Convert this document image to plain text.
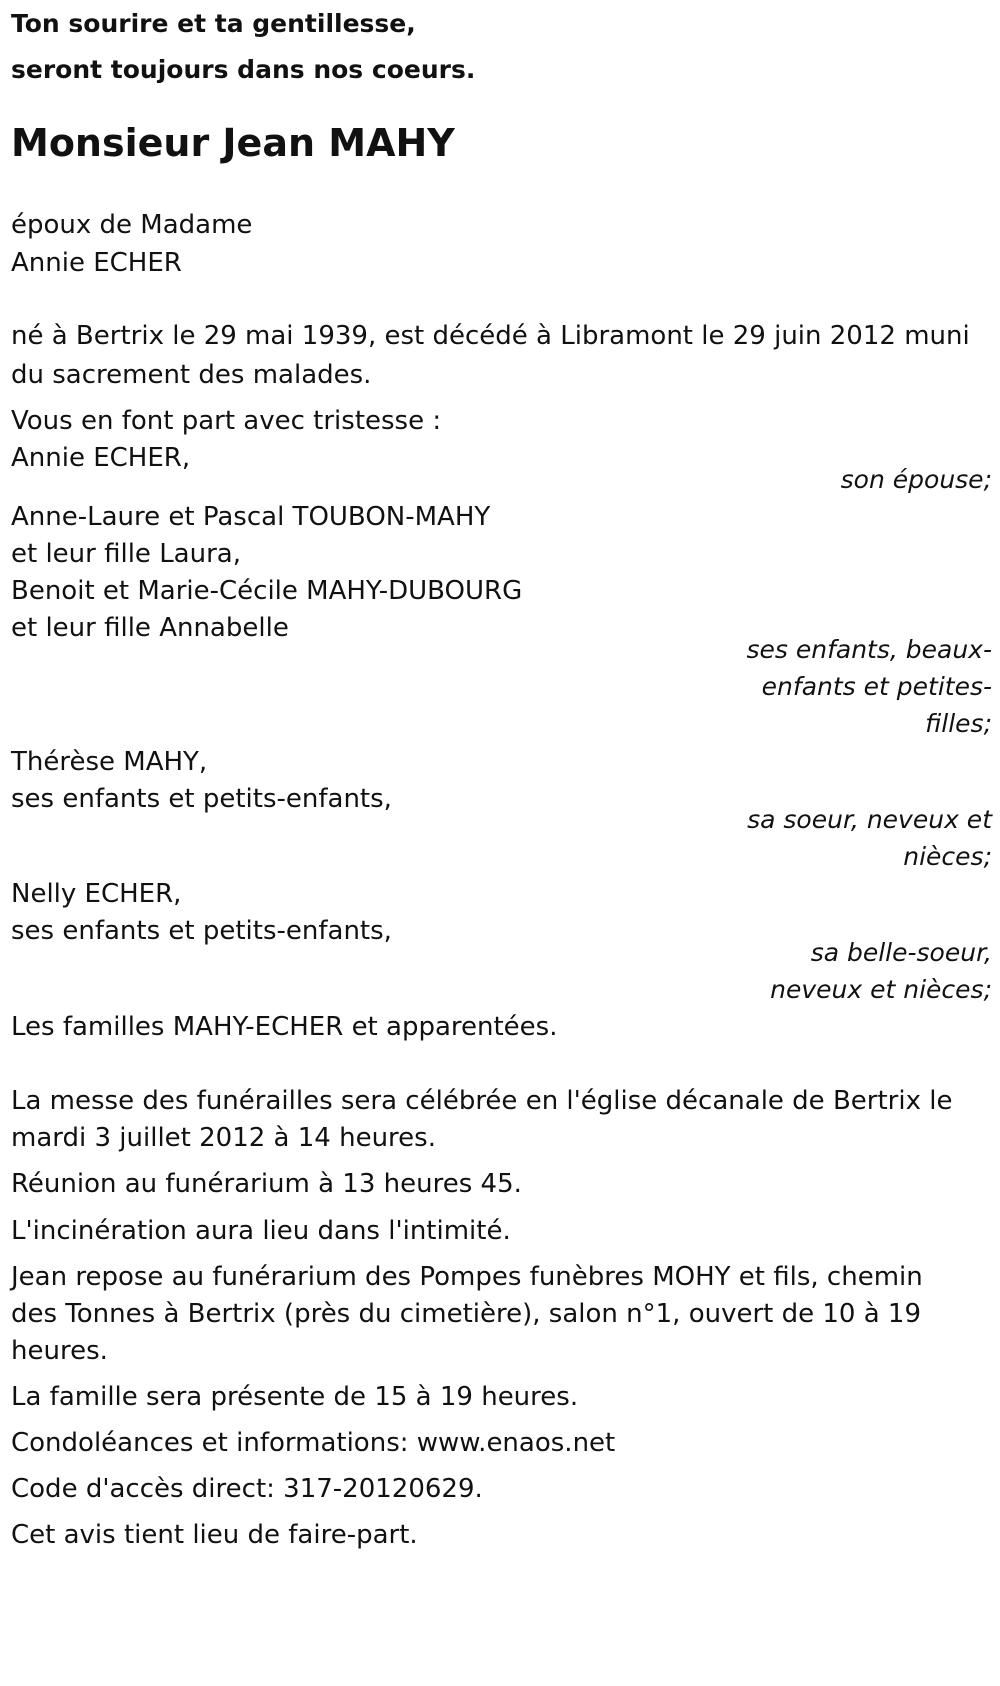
Ton sourire et ta gentillesse,
seront toujours dans nos coeurs.
Monsieur Jean MAHY
époux de Madame
Annie ECHER
né à Bertrix le 29 mai 1939, est décédé à Libramont le 29 juin 2012 muni
du sacrement des malades.
Vous en font part avec tristesse :
Annie ECHER,
son épouse;
Anne-Laure et Pascal TOUBON-MAHY
et leur fille Laura,
Benoit et Marie-Cécile MAHY-DUBOURG
et leur fille Annabelle
ses enfants, beaux-
enfants et petites-
filles;
Thérèse MAHY,
ses enfants et petits-enfants,
sa soeur, neveux et
nièces;
Nelly ECHER,
ses enfants et petits-enfants,
sa belle-soeur,
neveux et nièces;
Les familles MAHY-ECHER et apparentées.
La messe des funérailles sera célébrée en l'église décanale de Bertrix le
mardi 3 juillet 2012 à 14 heures.
Réunion au funérarium à 13 heures 45.
L'incinération aura lieu dans l'intimité.
Jean repose au funérarium des Pompes funèbres MOHY et fils, chemin
des Tonnes à Bertrix (près du cimetière), salon n°1, ouvert de 10 à 19
heures.
La famille sera présente de 15 à 19 heures.
Condoléances et informations: www.enaos.net
Code d'accès direct: 317-20120629.
Cet avis tient lieu de faire-part.
